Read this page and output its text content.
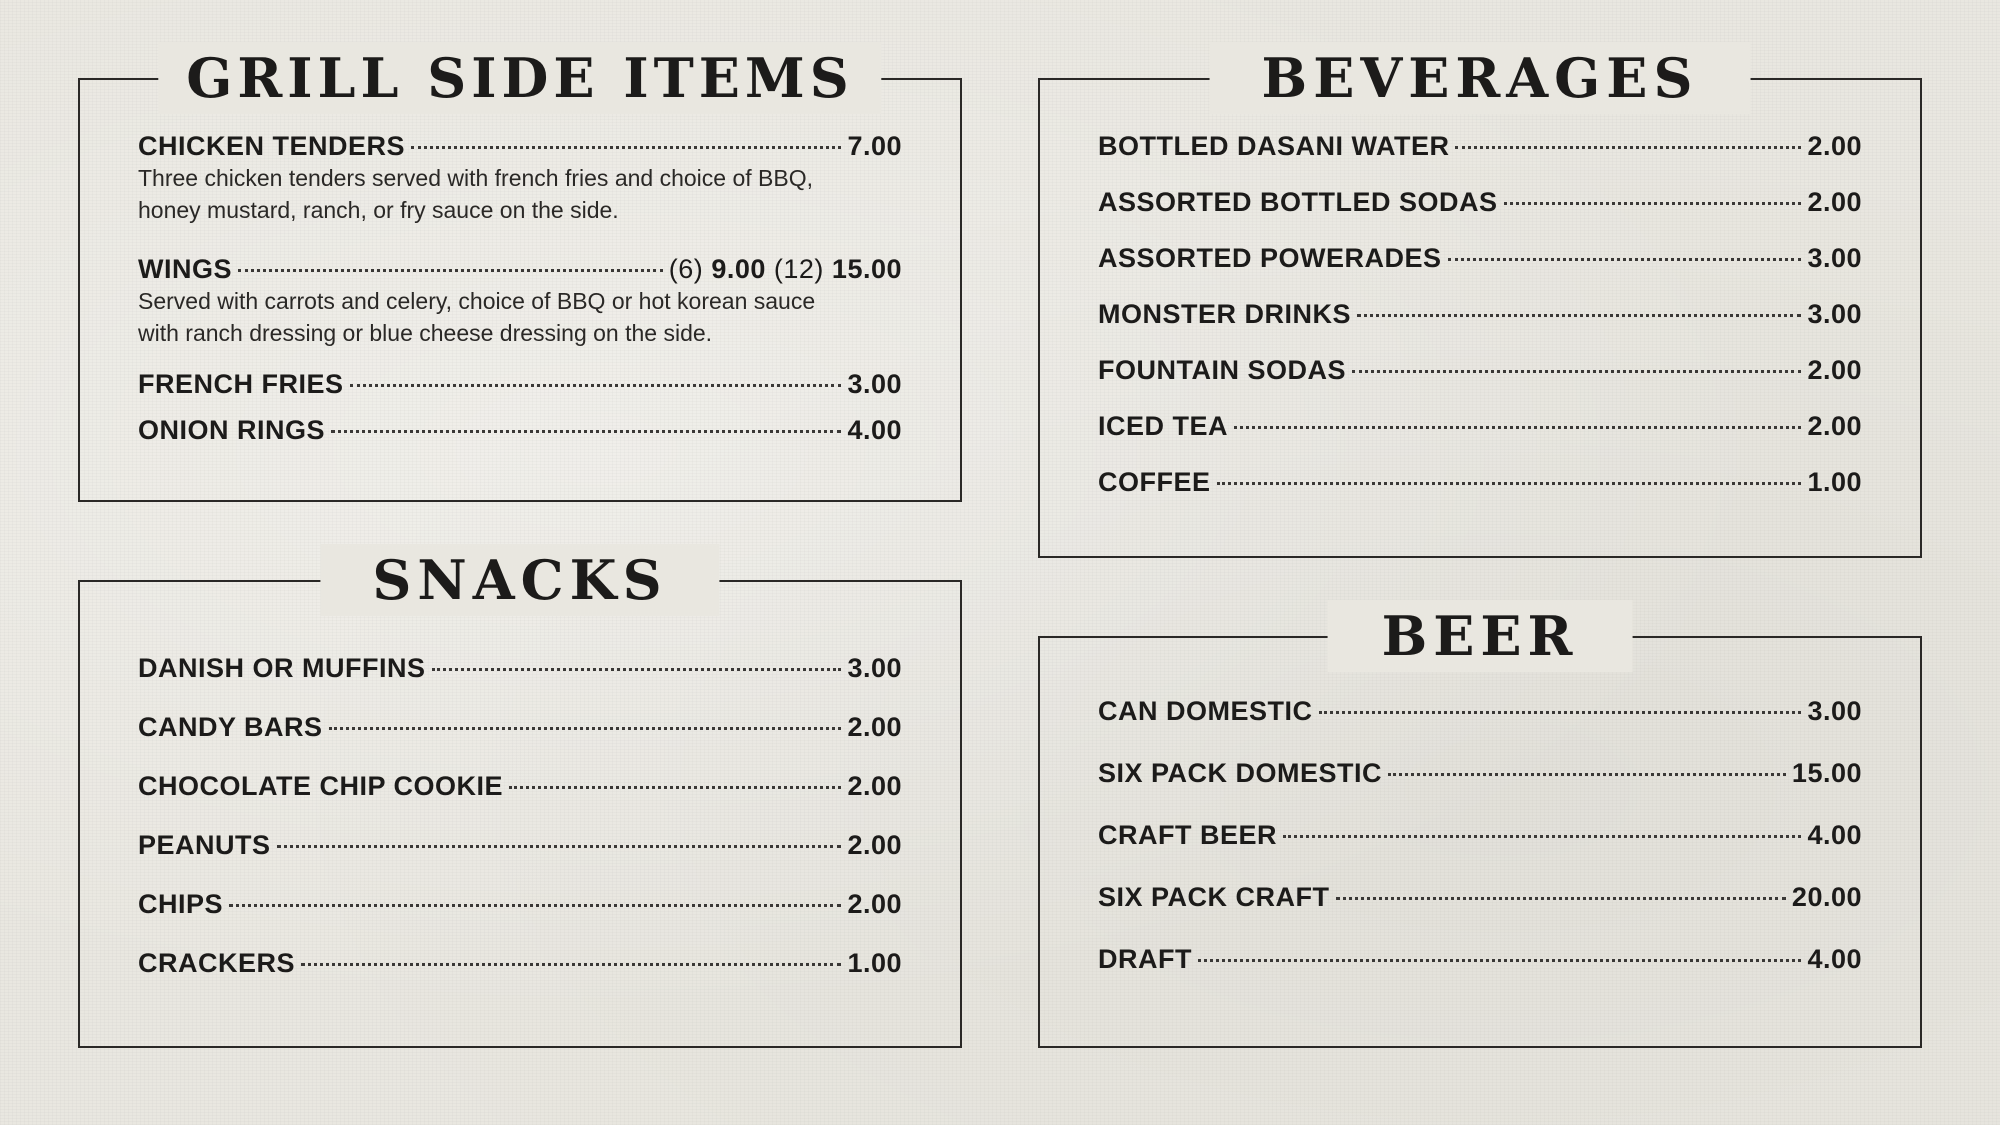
GRILL SIDE ITEMS
CHICKEN TENDERS	7.00
Three chicken tenders served with french fries and choice of BBQ, honey mustard, ranch, or fry sauce on the side.
WINGS	(6) 9.00 (12) 15.00
Served with carrots and celery, choice of BBQ or hot korean sauce with ranch dressing or blue cheese dressing on the side.
FRENCH FRIES	3.00
ONION RINGS	4.00
SNACKS
DANISH OR MUFFINS	3.00
CANDY BARS	2.00
CHOCOLATE CHIP COOKIE	2.00
PEANUTS	2.00
CHIPS	2.00
CRACKERS	1.00
BEVERAGES
BOTTLED DASANI WATER	2.00
ASSORTED BOTTLED SODAS	2.00
ASSORTED POWERADES	3.00
MONSTER DRINKS	3.00
FOUNTAIN SODAS	2.00
ICED TEA	2.00
COFFEE	1.00
BEER
CAN DOMESTIC	3.00
SIX PACK DOMESTIC	15.00
CRAFT BEER	4.00
SIX PACK CRAFT	20.00
DRAFT	4.00
